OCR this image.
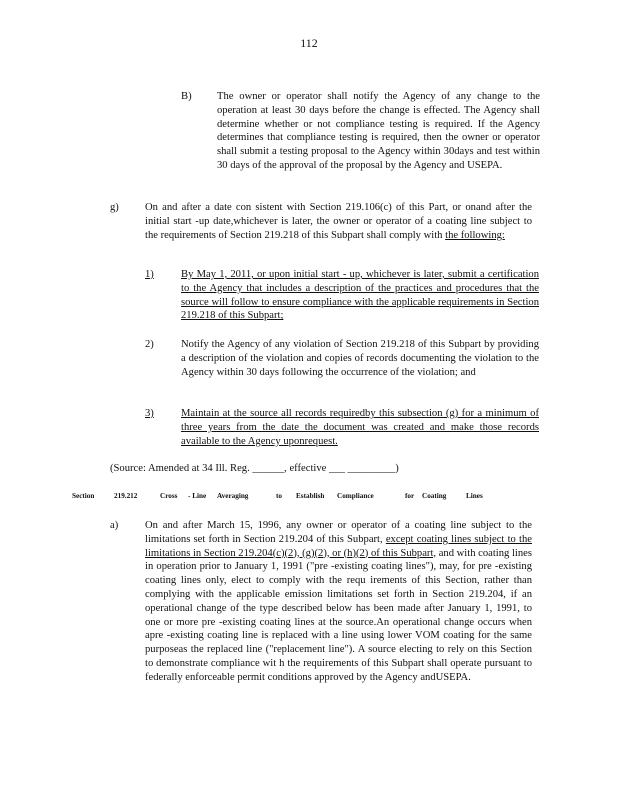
112
B) The owner or operator shall notify the Agency of any change to the operation at least 30 days before the change is effected. The Agency shall determine whether or not compliance testing is required. If the Agency determines that compliance testing is required, then the owner or operator shall submit a testing proposal to the Agency within 30days and test within 30 days of the approval of the proposal by the Agency and USEPA.
g) On and after a date con sistent with Section 219.106(c) of this Part, or onand after the initial start -up date,whichever is later, the owner or operator of a coating line subject to the requirements of Section 219.218 of this Subpart shall comply with the following:
1)	By May 1, 2011, or upon initial start - up, whichever is later, submit a certification to the Agency that includes a description of the practices and procedures that the source will follow to ensure compliance with the applicable requirements in Section 219.218 of this Subpart;
2)	Notify the Agency of any violation of Section 219.218 of this Subpart by providing a description of the violation and copies of records documenting the violation to the Agency within 30 days following the occurrence of the violation; and
3)	Maintain at the source all records requiredby this subsection (g) for a minimum of three years from the date the document was created and make those records available to the Agency uponrequest.
(Source: Amended at 34 Ill. Reg. ______, effective ___ _________)
Section	219.212	Cross - Line Averaging	to Establish Compliance	for Coating	Lines
a)	On and after March 15, 1996, any owner or operator of a coating line subject to the limitations set forth in Section 219.204 of this Subpart, except coating lines subject to the limitations in Section 219.204(c)(2), (g)(2), or (h)(2) of this Subpart, and with coating lines in operation prior to January 1, 1991 ("pre -existing coating lines"), may, for pre -existing coating lines only, elect to comply with the requ irements of this Section, rather than complying with the applicable emission limitations set forth in Section 219.204, if an operational change of the type described below has been made after January 1, 1991, to one or more pre -existing coating lines at the source.An operational change occurs when apre -existing coating line is replaced with a line using lower VOM coating for the same purposeas the replaced line ("replacement line"). A source electing to rely on this Section to demonstrate compliance wit h the requirements of this Subpart shall operate pursuant to federally enforceable permit conditions approved by the Agency andUSEPA.
